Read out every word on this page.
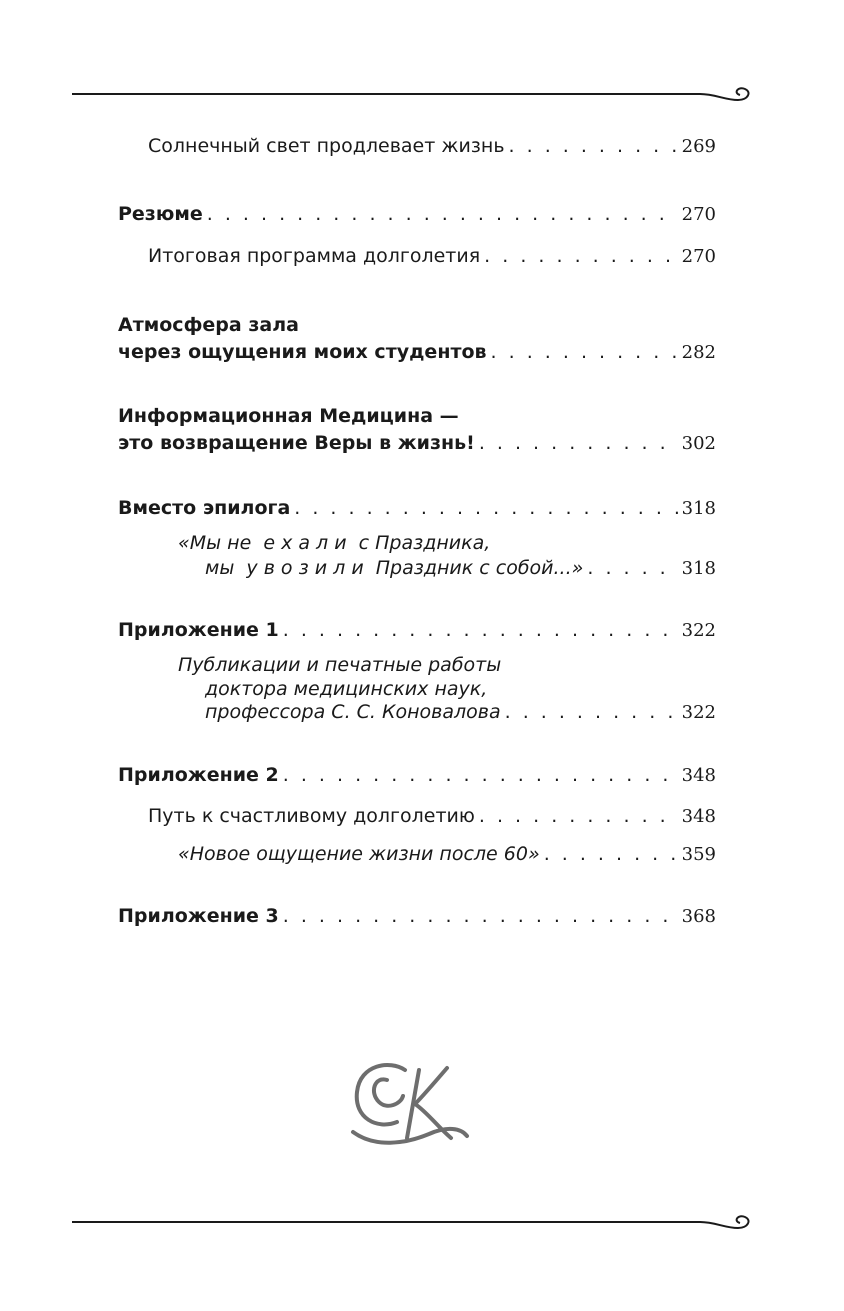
Солнечный свет продлевает жизнь . . .	269
Резюме . . .	270
Итоговая программа долголетия . . .	270
Атмосфера зала
через ощущения моих студентов . . .	282
Информационная Медицина —
это возвращение Веры в жизнь! . . .	302
Вместо эпилога . . .	318
«Мы не  е х а л и  с Праздника,
мы  у в о з и л и  Праздник с собой...» . . .	318
Приложение 1 . . .	322
Публикации и печатные работы
доктора медицинских наук,
профессора С. С. Коновалова . . .	322
Приложение 2 . . .	348
Путь к счастливому долголетию . . .	348
«Новое ощущение жизни после 60» . . .	359
Приложение 3 . . .	368
СК
